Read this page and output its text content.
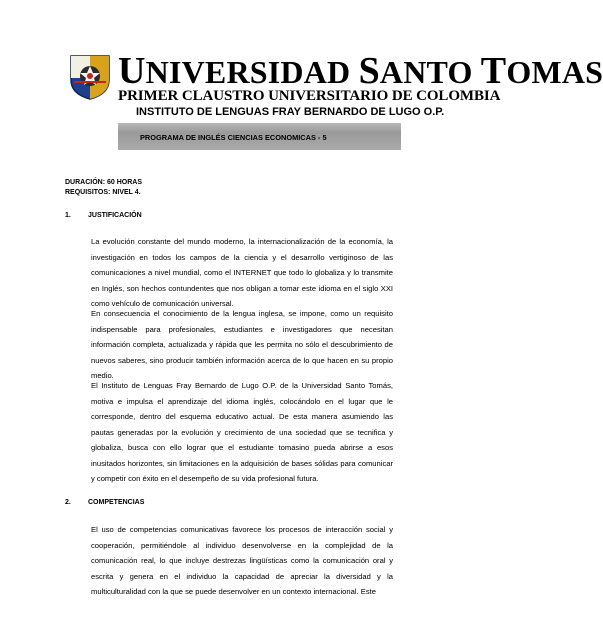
UNIVERSIDAD SANTO TOMAS
PRIMER CLAUSTRO UNIVERSITARIO DE COLOMBIA
INSTITUTO DE LENGUAS FRAY BERNARDO DE LUGO O.P.
PROGRAMA DE INGLÉS CIENCIAS ECONOMICAS - 5
DURACIÓN: 60 HORAS
REQUISITOS: NIVEL 4.
1. JUSTIFICACIÓN

La evolución constante del mundo moderno, la internacionalización de la economía, la investigación en todos los campos de la ciencia y el desarrollo vertiginoso de las comunicaciones a nivel mundial, como el INTERNET que todo lo globaliza y lo transmite en Inglés, son hechos contundentes que nos obligan a tomar este idioma en el siglo XXI como vehículo de comunicación universal.

En consecuencia el conocimiento de la lengua inglesa, se impone, como un requisito indispensable para profesionales, estudiantes e investigadores que necesitan información completa, actualizada y rápida que les permita no sólo el descubrimiento de nuevos saberes, sino producir también información acerca de lo que hacen en su propio medio.

El Instituto de Lenguas Fray Bernardo de Lugo O.P. de la Universidad Santo Tomás, motiva e impulsa el aprendizaje del idioma inglés, colocándolo en el lugar que le corresponde, dentro del esquema educativo actual. De esta manera asumiendo las pautas generadas por la evolución y crecimiento de una sociedad que se tecnifica y globaliza, busca con ello lograr que el estudiante tomasino pueda abrirse a esos inusitados horizontes, sin limitaciones en la adquisición de bases sólidas para comunicar y competir con éxito en el desempeño de su vida profesional futura.

2. COMPETENCIAS

El uso de competencias comunicativas favorece los procesos de interacción social y cooperación, permitiéndole al individuo desenvolverse en la complejidad de la comunicación real, lo que incluye destrezas lingüísticas como la comunicación oral y escrita y genera en el individuo la capacidad de apreciar la diversidad y la multiculturalidad con la que se puede desenvolver en un contexto internacional. Este
